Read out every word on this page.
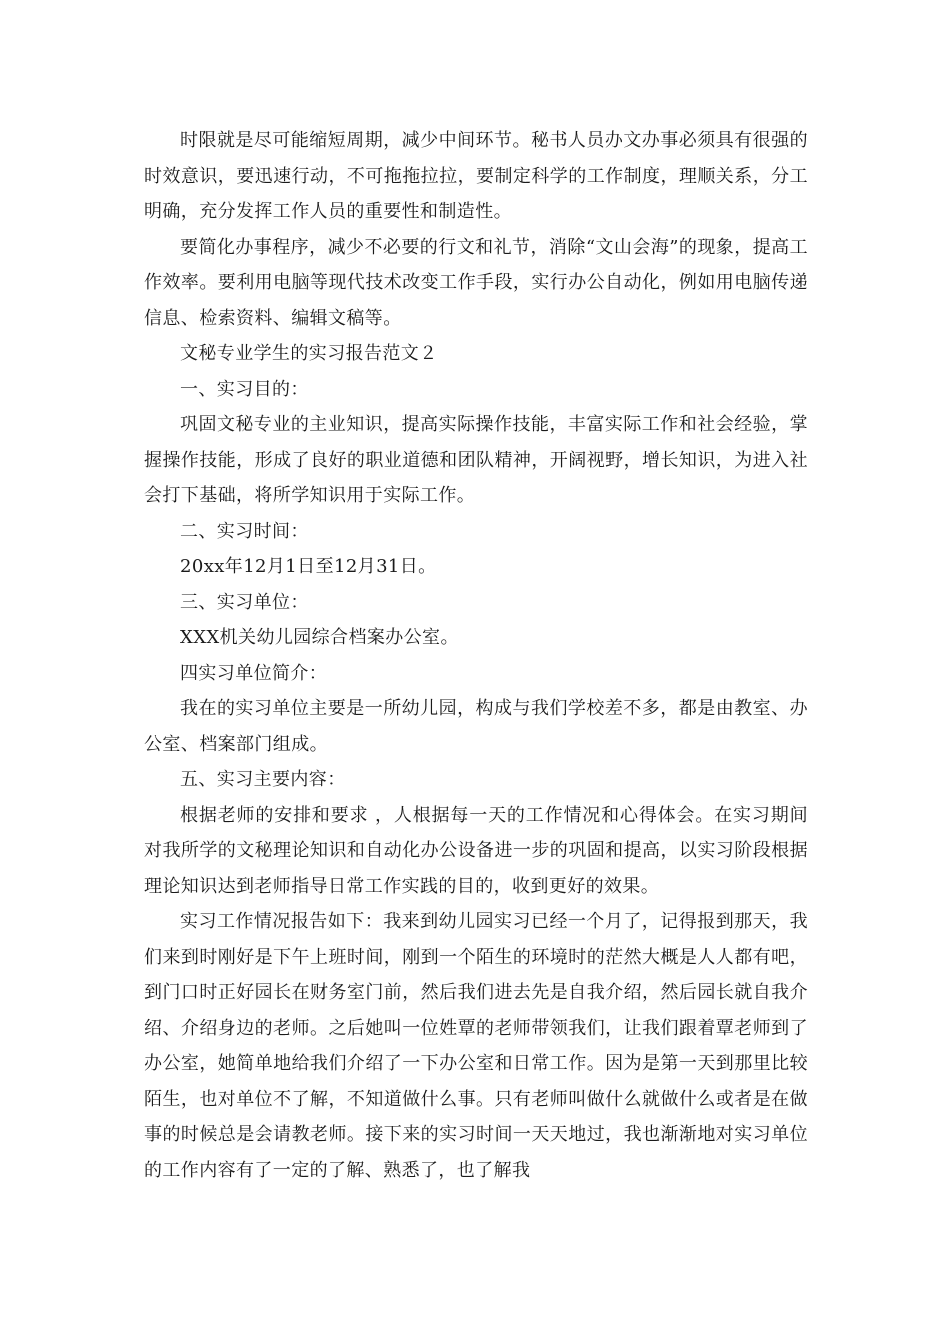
时限就是尽可能缩短周期，减少中间环节。秘书人员办文办事必须具有很强的时效意识，要迅速行动，不可拖拖拉拉，要制定科学的工作制度，理顺关系，分工明确，充分发挥工作人员的重要性和制造性。

要简化办事程序，减少不必要的行文和礼节，消除“文山会海”的现象，提高工作效率。要利用电脑等现代技术改变工作手段，实行办公自动化，例如用电脑传递信息、检索资料、编辑文稿等。

文秘专业学生的实习报告范文２

一、实习目的：

巩固文秘专业的主业知识，提高实际操作技能，丰富实际工作和社会经验，掌握操作技能，形成了良好的职业道德和团队精神，开阔视野，增长知识，为进入社会打下基础，将所学知识用于实际工作。

二、实习时间：

20xx年12月1日至12月31日。

三、实习单位：

XXX机关幼儿园综合档案办公室。

四实习单位简介：

我在的实习单位主要是一所幼儿园，构成与我们学校差不多，都是由教室、办公室、档案部门组成。

五、实习主要内容：

根据老师的安排和要求 ，人根据每一天的工作情况和心得体会。在实习期间对我所学的文秘理论知识和自动化办公设备进一步的巩固和提高，以实习阶段根据理论知识达到老师指导日常工作实践的目的，收到更好的效果。

实习工作情况报告如下：我来到幼儿园实习已经一个月了，记得报到那天，我们来到时刚好是下午上班时间，刚到一个陌生的环境时的茫然大概是人人都有吧，到门口时正好园长在财务室门前，然后我们进去先是自我介绍，然后园长就自我介绍、介绍身边的老师。之后她叫一位姓覃的老师带领我们，让我们跟着覃老师到了办公室，她简单地给我们介绍了一下办公室和日常工作。因为是第一天到那里比较陌生，也对单位不了解，不知道做什么事。只有老师叫做什么就做什么或者是在做事的时候总是会请教老师。接下来的实习时间一天天地过，我也渐渐地对实习单位的工作内容有了一定的了解、熟悉了，也了解我
